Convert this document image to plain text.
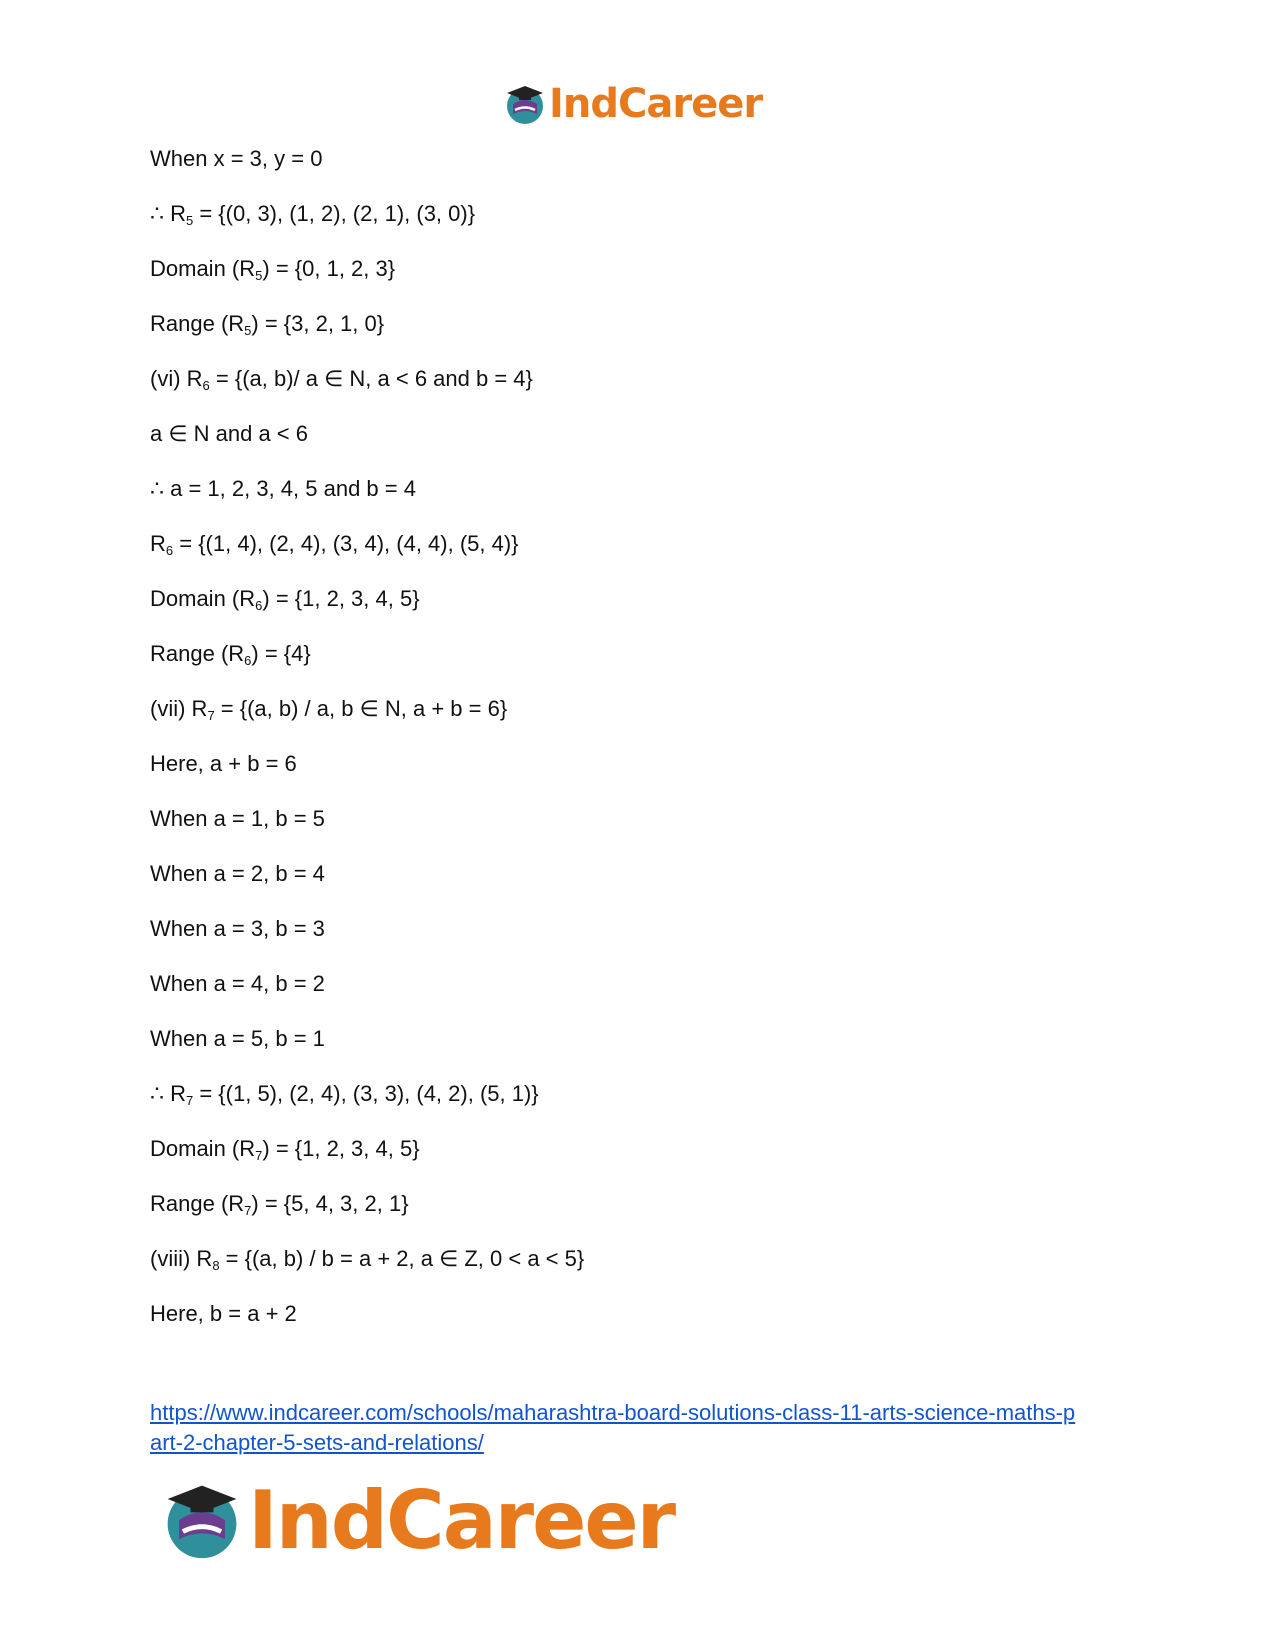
IndCareer
When x = 3, y = 0
∴ $R_5 = \{(0$, 3), (1, 2), (2, 1), (3, 0)}
Domain $(R_5) = \{0$, 1, 2, 3}
Range $(R_5) = \{3$, 2, 1, 0}
(vi) $R_6 = \{(a$, b)/ a ∈ N, a < 6 and b = 4}
a ∈ N and a < 6
∴ a = 1, 2, 3, 4, 5 and b = 4
$R_6 = \{(1$, 4), (2, 4), (3, 4), (4, 4), (5, 4)}
Domain $(R_6) = \{1$, 2, 3, 4, 5}
Range $(R_6) = \{4\}$
(vii) $R_7 = \{(a$, b) / a, b ∈ N, a + b = 6}
Here, a + b = 6
When a = 1, b = 5
When a = 2, b = 4
When a = 3, b = 3
When a = 4, b = 2
When a = 5, b = 1
∴ $R_7 = \{(1$, 5), (2, 4), (3, 3), (4, 2), (5, 1)}
Domain $(R_7) = \{1$, 2, 3, 4, 5}
Range $(R_7) = \{5$, 4, 3, 2, 1}
(viii) $R_8 = \{(a$, b) / b = a + 2, a ∈ Z, 0 < a < 5}
Here, b = a + 2
https://www.indcareer.com/schools/maharashtra-board-solutions-class-11-arts-science-maths-p
art-2-chapter-5-sets-and-relations/
IndCareer
